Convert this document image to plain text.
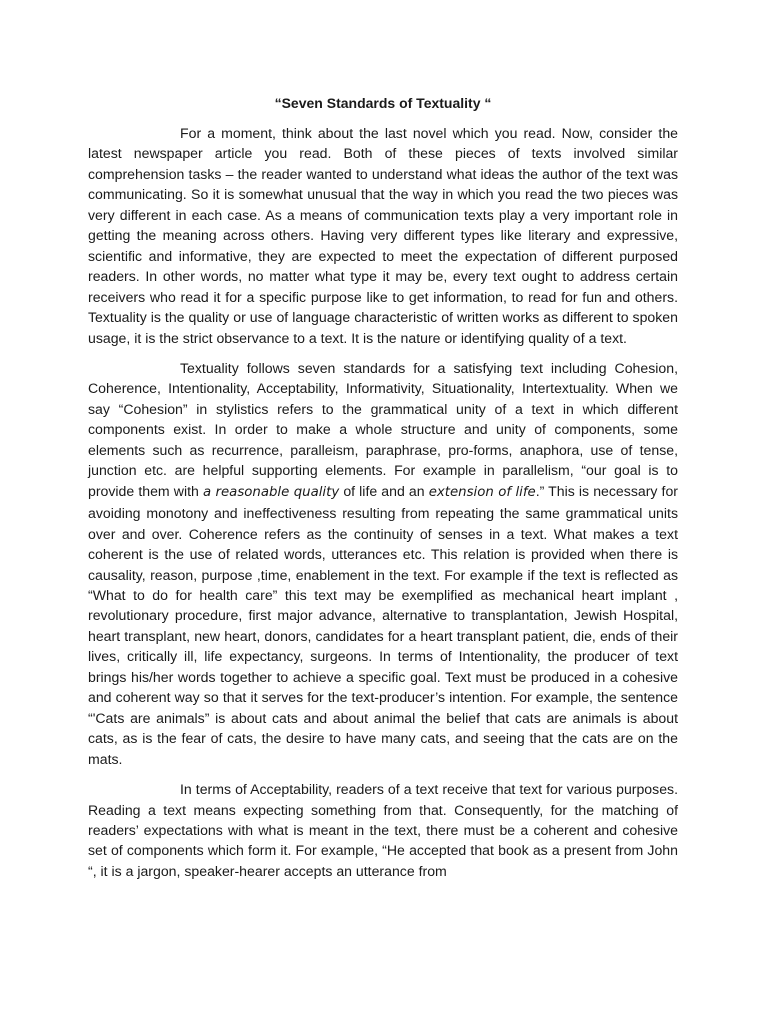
“Seven Standards of Textuality “

For a moment, think about the last novel which you read. Now, consider the latest newspaper article you read. Both of these pieces of texts involved similar comprehension tasks – the reader wanted to understand what ideas the author of the text was communicating. So it is somewhat unusual that the way in which you read the two pieces was very different in each case. As a means of communication texts play a very important role in getting the meaning across others. Having very different types like literary and expressive, scientific and informative, they are expected to meet the expectation of different purposed readers. In other words, no matter what type it may be, every text ought to address certain receivers who read it for a specific purpose like to get information, to read for fun and others. Textuality is the quality or use of language characteristic of written works as different to spoken usage, it is the strict observance to a text. It is the nature or identifying quality of a text.

Textuality follows seven standards for a satisfying text including Cohesion, Coherence, Intentionality, Acceptability, Informativity, Situationality, Intertextuality. When we say “Cohesion” in stylistics refers to the grammatical unity of a text in which different components exist. In order to make a whole structure and unity of components, some elements such as recurrence, paralleism, paraphrase, pro-forms, anaphora, use of tense, junction etc. are helpful supporting elements. For example in parallelism, “our goal is to provide them with a reasonable quality of life and an extension of life.” This is necessary for avoiding monotony and ineffectiveness resulting from repeating the same grammatical units over and over. Coherence refers as the continuity of senses in a text. What makes a text coherent is the use of related words, utterances etc. This relation is provided when there is causality, reason, purpose ,time, enablement in the text. For example if the text is reflected as “What to do for health care” this text may be exemplified as mechanical heart implant , revolutionary procedure, first major advance, alternative to transplantation, Jewish Hospital, heart transplant, new heart, donors, candidates for a heart transplant patient, die, ends of their lives, critically ill, life expectancy, surgeons. In terms of Intentionality, the producer of text brings his/her words together to achieve a specific goal. Text must be produced in a cohesive and coherent way so that it serves for the text-producer’s intention. For example, the sentence “'Cats are animals” is about cats and about animal the belief that cats are animals is about cats, as is the fear of cats, the desire to have many cats, and seeing that the cats are on the mats.

In terms of Acceptability, readers of a text receive that text for various purposes. Reading a text means expecting something from that. Consequently, for the matching of readers’ expectations with what is meant in the text, there must be a coherent and cohesive set of components which form it. For example, “He accepted that book as a present from John “, it is a jargon, speaker-hearer accepts an utterance from
